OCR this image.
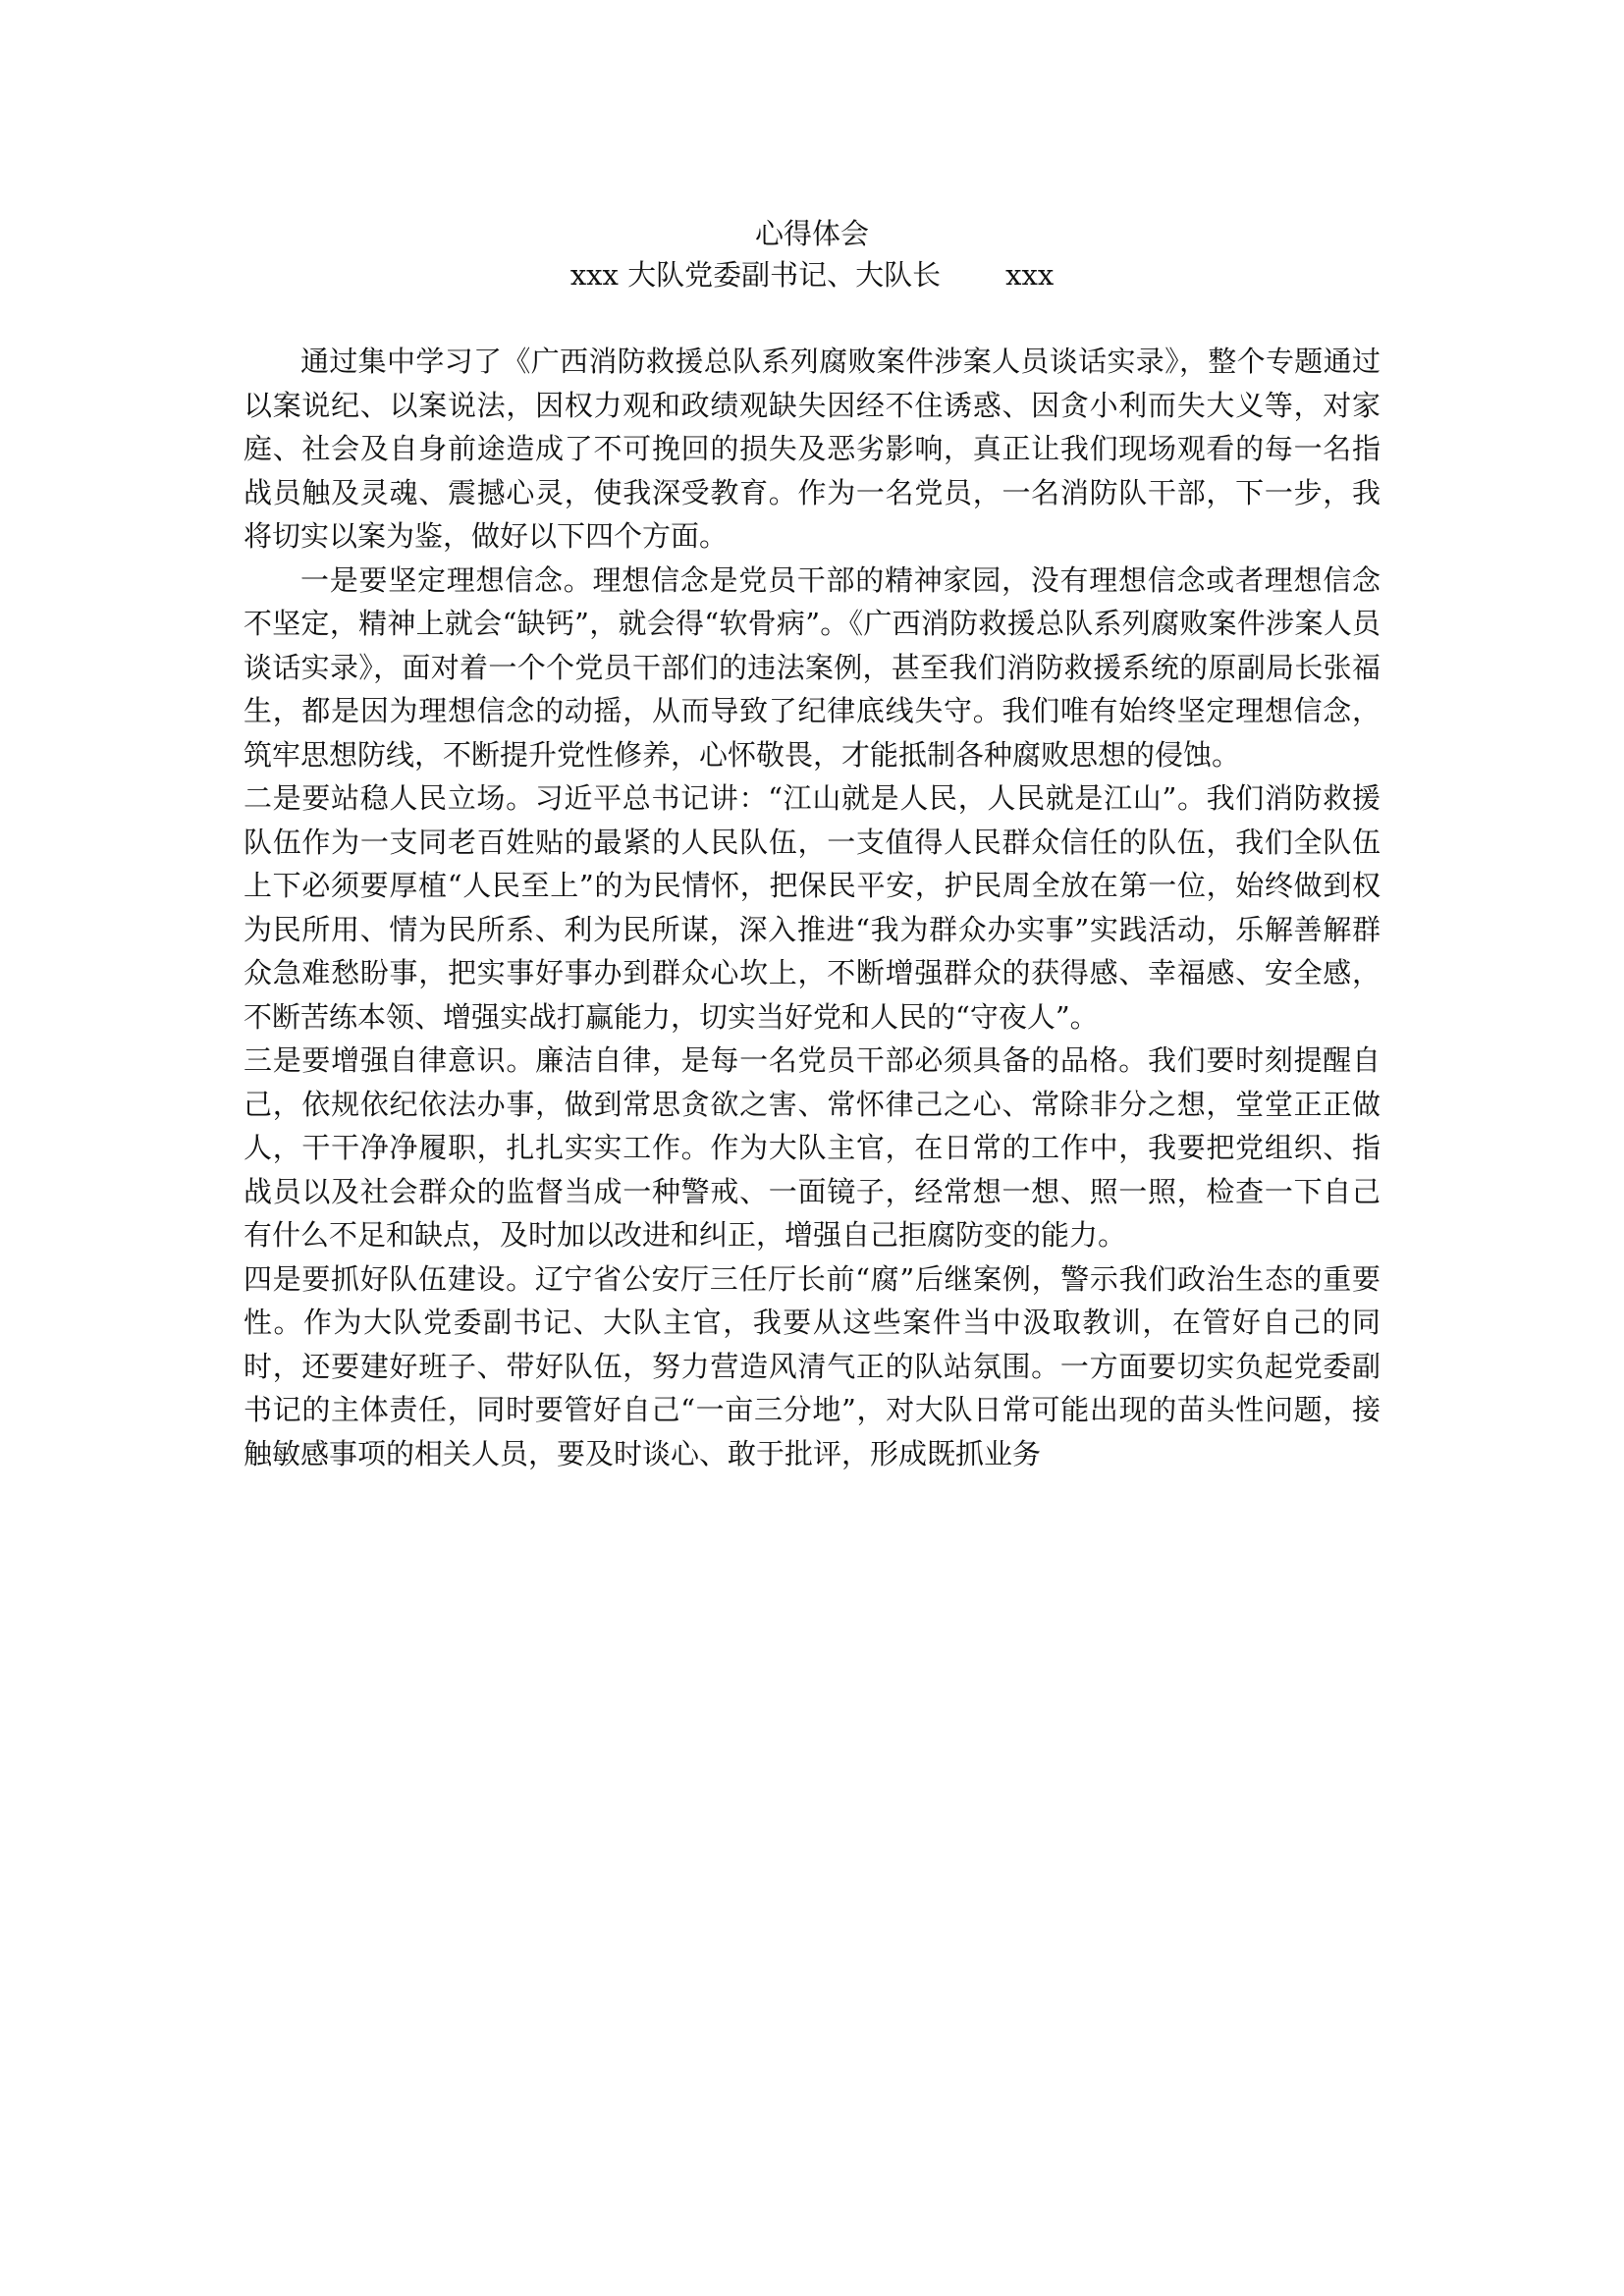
心得体会
xxx 大队党委副书记、大队长 xxx

通过集中学习了《广西消防救援总队系列腐败案件涉案人员谈话实录》，整个专题通过以案说纪、以案说法，因权力观和政绩观缺失因经不住诱惑、因贪小利而失大义等，对家庭、社会及自身前途造成了不可挽回的损失及恶劣影响，真正让我们现场观看的每一名指战员触及灵魂、震撼心灵，使我深受教育。作为一名党员，一名消防队干部，下一步，我将切实以案为鉴，做好以下四个方面。

一是要坚定理想信念。理想信念是党员干部的精神家园，没有理想信念或者理想信念不坚定，精神上就会“缺钙”，就会得“软骨病”。《广西消防救援总队系列腐败案件涉案人员谈话实录》，面对着一个个党员干部们的违法案例，甚至我们消防救援系统的原副局长张福生，都是因为理想信念的动摇，从而导致了纪律底线失守。我们唯有始终坚定理想信念，筑牢思想防线，不断提升党性修养，心怀敬畏，才能抵制各种腐败思想的侵蚀。

二是要站稳人民立场。习近平总书记讲：“江山就是人民，人民就是江山”。我们消防救援队伍作为一支同老百姓贴的最紧的人民队伍，一支值得人民群众信任的队伍，我们全队伍上下必须要厚植“人民至上”的为民情怀，把保民平安，护民周全放在第一位，始终做到权为民所用、情为民所系、利为民所谋，深入推进“我为群众办实事”实践活动，乐解善解群众急难愁盼事，把实事好事办到群众心坎上，不断增强群众的获得感、幸福感、安全感，不断苦练本领、增强实战打赢能力，切实当好党和人民的“守夜人”。

三是要增强自律意识。廉洁自律，是每一名党员干部必须具备的品格。我们要时刻提醒自己，依规依纪依法办事，做到常思贪欲之害、常怀律己之心、常除非分之想，堂堂正正做人，干干净净履职，扎扎实实工作。作为大队主官，在日常的工作中，我要把党组织、指战员以及社会群众的监督当成一种警戒、一面镜子，经常想一想、照一照，检查一下自己有什么不足和缺点，及时加以改进和纠正，增强自己拒腐防变的能力。

四是要抓好队伍建设。辽宁省公安厅三任厅长前“腐”后继案例，警示我们政治生态的重要性。作为大队党委副书记、大队主官，我要从这些案件当中汲取教训，在管好自己的同时，还要建好班子、带好队伍，努力营造风清气正的队站氛围。一方面要切实负起党委副书记的主体责任，同时要管好自己“一亩三分地”，对大队日常可能出现的苗头性问题，接触敏感事项的相关人员，要及时谈心、敢于批评，形成既抓业务
